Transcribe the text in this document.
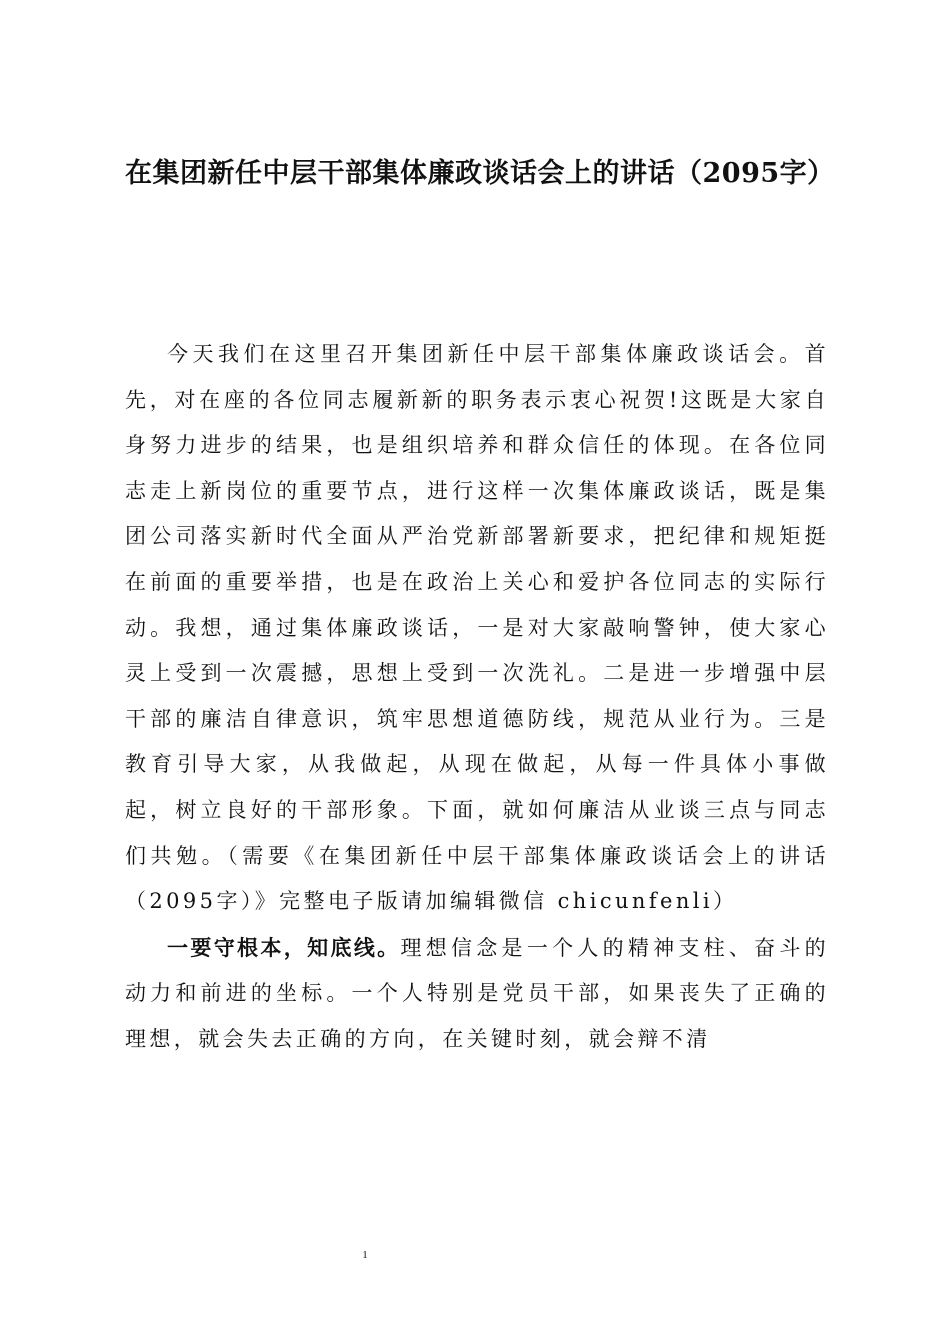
在集团新任中层干部集体廉政谈话会上的讲话（2095字）

今天我们在这里召开集团新任中层干部集体廉政谈话会。首先，对在座的各位同志履新新的职务表示衷心祝贺!这既是大家自身努力进步的结果，也是组织培养和群众信任的体现。在各位同志走上新岗位的重要节点，进行这样一次集体廉政谈话，既是集团公司落实新时代全面从严治党新部署新要求，把纪律和规矩挺在前面的重要举措，也是在政治上关心和爱护各位同志的实际行动。我想，通过集体廉政谈话，一是对大家敲响警钟，使大家心灵上受到一次震撼，思想上受到一次洗礼。二是进一步增强中层干部的廉洁自律意识，筑牢思想道德防线，规范从业行为。三是教育引导大家，从我做起，从现在做起，从每一件具体小事做起，树立良好的干部形象。下面，就如何廉洁从业谈三点与同志们共勉。（需要《在集团新任中层干部集体廉政谈话会上的讲话（2095字）》完整电子版请加编辑微信 chicunfenli）

一要守根本，知底线。理想信念是一个人的精神支柱、奋斗的动力和前进的坐标。一个人特别是党员干部，如果丧失了正确的理想，就会失去正确的方向，在关键时刻，就会辩不清

1
